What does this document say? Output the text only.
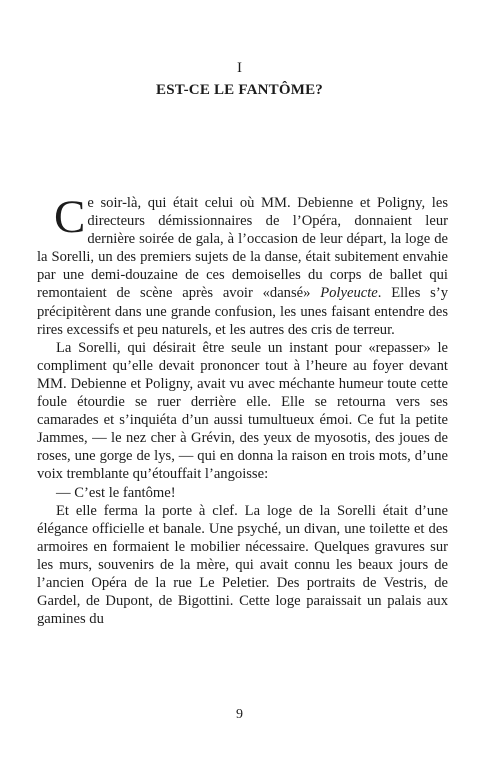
I
EST-CE LE FANTÔME?

Ce soir-là, qui était celui où MM. Debienne et Poligny, les directeurs démissionnaires de l’Opéra, donnaient leur dernière soirée de gala, à l’occasion de leur départ, la loge de la Sorelli, un des premiers sujets de la danse, était subitement envahie par une demi-douzaine de ces demoiselles du corps de ballet qui remontaient de scène après avoir «dansé» Polyeucte. Elles s’y précipitèrent dans une grande confusion, les unes faisant entendre des rires excessifs et peu naturels, et les autres des cris de terreur.

La Sorelli, qui désirait être seule un instant pour «repasser» le compliment qu’elle devait prononcer tout à l’heure au foyer devant MM. Debienne et Poligny, avait vu avec méchante humeur toute cette foule étourdie se ruer derrière elle. Elle se retourna vers ses camarades et s’inquiéta d’un aussi tumultueux émoi. Ce fut la petite Jammes, — le nez cher à Grévin, des yeux de myosotis, des joues de roses, une gorge de lys, — qui en donna la raison en trois mots, d’une voix tremblante qu’étouffait l’angoisse:

— C’est le fantôme!

Et elle ferma la porte à clef. La loge de la Sorelli était d’une élégance officielle et banale. Une psyché, un divan, une toilette et des armoires en formaient le mobilier nécessaire. Quelques gravures sur les murs, souvenirs de la mère, qui avait connu les beaux jours de l’ancien Opéra de la rue Le Peletier. Des portraits de Vestris, de Gardel, de Dupont, de Bigottini. Cette loge paraissait un palais aux gamines du

9
